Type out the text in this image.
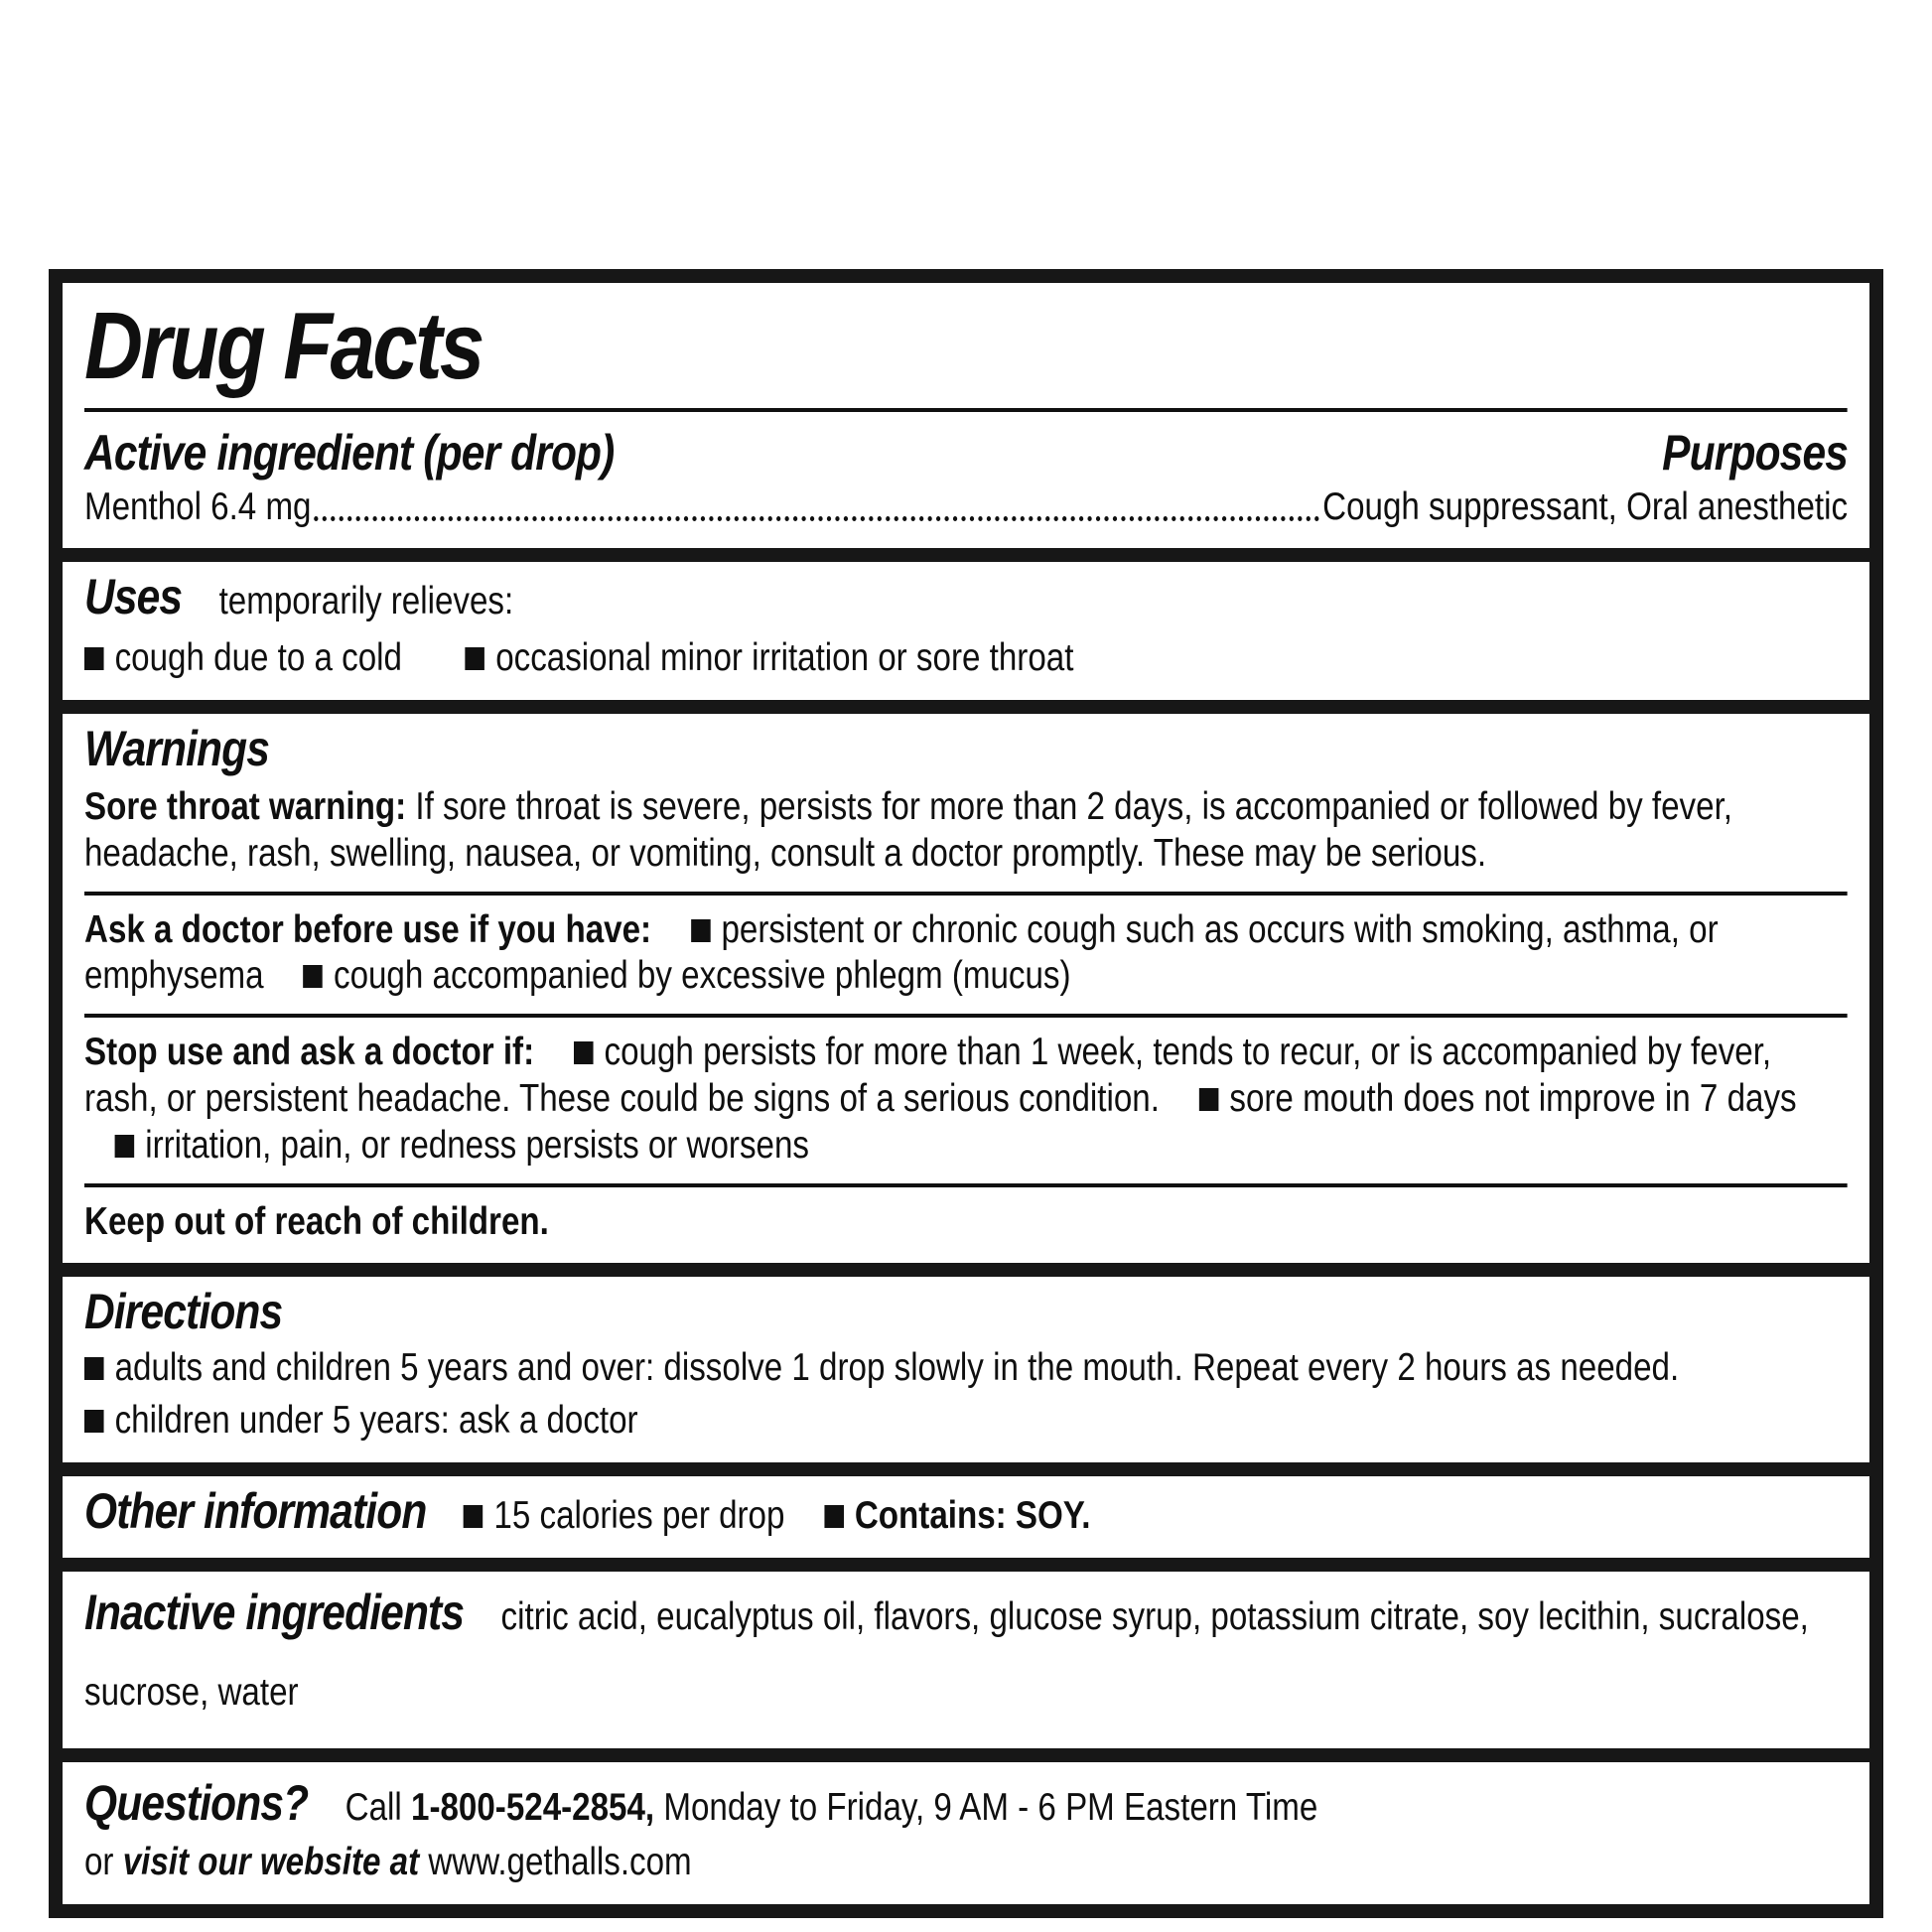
Drug Facts
Active ingredient (per drop)	Purposes
Menthol 6.4 mg	Cough suppressant, Oral anesthetic
Uses temporarily relieves:
cough due to a cold occasional minor irritation or sore throat
Warnings
Sore throat warning: If sore throat is severe, persists for more than 2 days, is accompanied or followed by fever, headache, rash, swelling, nausea, or vomiting, consult a doctor promptly. These may be serious.
Ask a doctor before use if you have: persistent or chronic cough such as occurs with smoking, asthma, or emphysema cough accompanied by excessive phlegm (mucus)
Stop use and ask a doctor if: cough persists for more than 1 week, tends to recur, or is accompanied by fever, rash, or persistent headache. These could be signs of a serious condition. sore mouth does not improve in 7 days irritation, pain, or redness persists or worsens
Keep out of reach of children.
Directions
adults and children 5 years and over: dissolve 1 drop slowly in the mouth. Repeat every 2 hours as needed.
children under 5 years: ask a doctor
Other information 15 calories per drop Contains: SOY.
Inactive ingredients citric acid, eucalyptus oil, flavors, glucose syrup, potassium citrate, soy lecithin, sucralose, sucrose, water
Questions? Call 1-800-524-2854, Monday to Friday, 9 AM - 6 PM Eastern Time
or visit our website at www.gethalls.com
